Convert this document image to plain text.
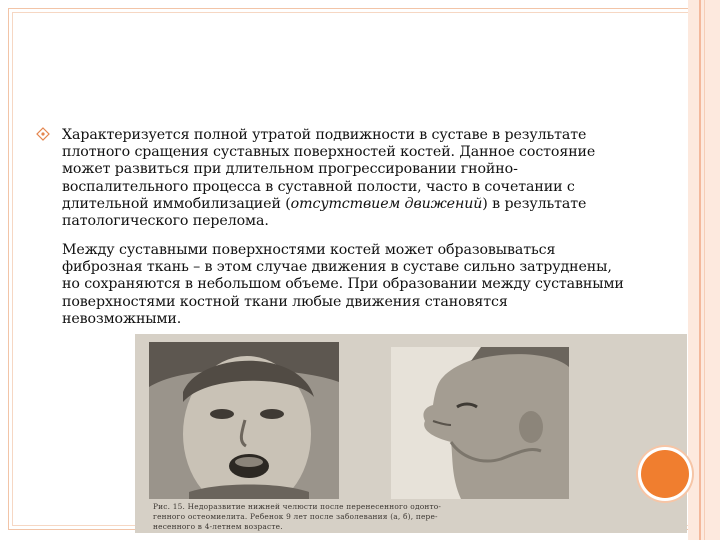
Характеризуется полной утратой подвижности в суставе в результате
плотного сращения суставных поверхностей костей. Данное состояние
может развиться при длительном прогрессировании гнойно-
воспалительного процесса в суставной полости, часто в сочетании с
длительной иммобилизацией (отсутствием движений) в результате
патологического перелома.
Между суставными поверхностями костей может образовываться
фиброзная ткань – в этом случае движения в суставе сильно затруднены,
но сохраняются в небольшом объеме. При образовании между суставными
поверхностями костной ткани любые движения становятся
невозможными.
Рис. 15. Недоразвитие нижней челюсти после перенесенного одонто-
генного остеомиелита. Ребенок 9 лет после заболевания (а, б), пере-
несенного в 4-летнем возрасте.
